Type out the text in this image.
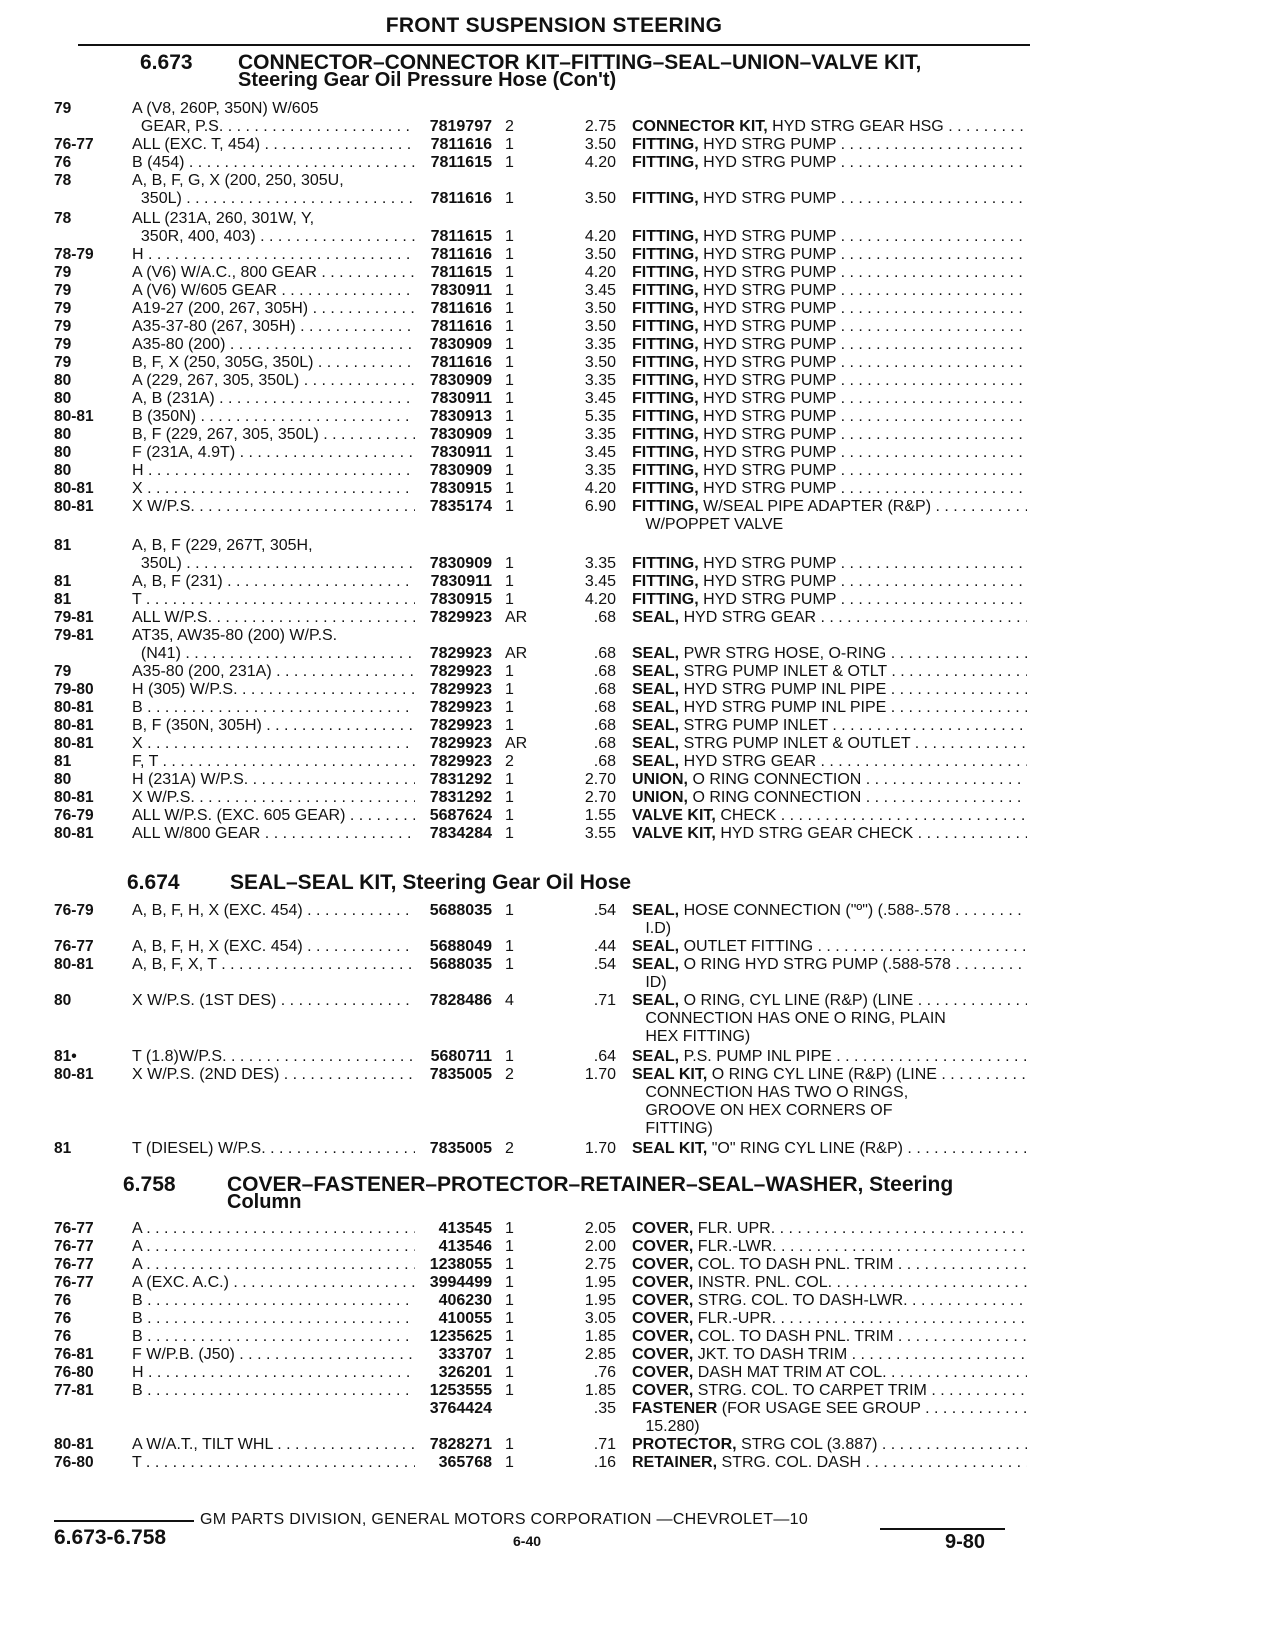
FRONT SUSPENSION STEERING
6.673 CONNECTOR–CONNECTOR KIT–FITTING–SEAL–UNION–VALVE KIT,
Steering Gear Oil Pressure Hose (Con't)
6.674 SEAL–SEAL KIT, Steering Gear Oil Hose
6.758 COVER–FASTENER–PROTECTOR–RETAINER–SEAL–WASHER, Steering
Column
79	A (V8, 260P, 350N) W/605

GEAR, P.S. . . .	7819797 2	2.75 CONNECTOR KIT, HYD STRG GEAR HSG . . .
76-77	ALL (EXC. T, 454) . . .	7811616 1	3.50 FITTING, HYD STRG PUMP . . .
76	B (454) . . .	7811615 1	4.20 FITTING, HYD STRG PUMP . . .
78	A, B, F, G, X (200, 250, 305U,

350L) . . .	7811616 1	3.50 FITTING, HYD STRG PUMP . . .
78	ALL (231A, 260, 301W, Y,

350R, 400, 403) . . .	7811615 1	4.20 FITTING, HYD STRG PUMP . . .
78-79	H . . .	7811616 1	3.50 FITTING, HYD STRG PUMP . . .
79	A (V6) W/A.C., 800 GEAR . . .	7811615 1	4.20 FITTING, HYD STRG PUMP . . .
79	A (V6) W/605 GEAR . . .	7830911 1	3.45 FITTING, HYD STRG PUMP . . .
79	A19-27 (200, 267, 305H) . . .	7811616 1	3.50 FITTING, HYD STRG PUMP . . .
79	A35-37-80 (267, 305H) . . .	7811616 1	3.50 FITTING, HYD STRG PUMP . . .
79	A35-80 (200) . . .	7830909 1	3.35 FITTING, HYD STRG PUMP . . .
79	B, F, X (250, 305G, 350L) . . .	7811616 1	3.50 FITTING, HYD STRG PUMP . . .
80	A (229, 267, 305, 350L) . . .	7830909 1	3.35 FITTING, HYD STRG PUMP . . .
80	A, B (231A) . . .	7830911 1	3.45 FITTING, HYD STRG PUMP . . .
80-81	B (350N) . . .	7830913 1	5.35 FITTING, HYD STRG PUMP . . .
80	B, F (229, 267, 305, 350L) . . .	7830909 1	3.35 FITTING, HYD STRG PUMP . . .
80	F (231A, 4.9T) . . .	7830911 1	3.45 FITTING, HYD STRG PUMP . . .
80	H . . .	7830909 1	3.35 FITTING, HYD STRG PUMP . . .
80-81	X . . .	7830915 1	4.20 FITTING, HYD STRG PUMP . . .
80-81	X W/P.S. . . .	7835174 1	6.90 FITTING, W/SEAL PIPE ADAPTER (R&P) . . .
W/POPPET VALVE
81	A, B, F (229, 267T, 305H,

350L) . . .	7830909 1	3.35 FITTING, HYD STRG PUMP . . .
81	A, B, F (231) . . .	7830911 1	3.45 FITTING, HYD STRG PUMP . . .
81	T . . .	7830915 1	4.20 FITTING, HYD STRG PUMP . . .
79-81	ALL W/P.S. . . .	7829923 AR	.68 SEAL, HYD STRG GEAR . . .
79-81	AT35, AW35-80 (200) W/P.S.

(N41) . . .	7829923 AR	.68 SEAL, PWR STRG HOSE, O-RING . . .
79	A35-80 (200, 231A) . . .	7829923 1	.68 SEAL, STRG PUMP INLET & OTLT . . .
79-80	H (305) W/P.S. . . .	7829923 1	.68 SEAL, HYD STRG PUMP INL PIPE . . .
80-81	B . . .	7829923 1	.68 SEAL, HYD STRG PUMP INL PIPE . . .
80-81	B, F (350N, 305H) . . .	7829923 1	.68 SEAL, STRG PUMP INLET . . .
80-81	X . . .	7829923 AR	.68 SEAL, STRG PUMP INLET & OUTLET . . .
81	F, T . . .	7829923 2	.68 SEAL, HYD STRG GEAR . . .
80	H (231A) W/P.S. . . .	7831292 1	2.70 UNION, O RING CONNECTION . . .
80-81	X W/P.S. . . .	7831292 1	2.70 UNION, O RING CONNECTION . . .
76-79	ALL W/P.S. (EXC. 605 GEAR) . . .	5687624 1	1.55 VALVE KIT, CHECK . . .
80-81	ALL W/800 GEAR . . .	7834284 1	3.55 VALVE KIT, HYD STRG GEAR CHECK . . .
76-79	A, B, F, H, X (EXC. 454) . . .	5688035 1	.54 SEAL, HOSE CONNECTION ("º") (.588-.578 . . .
I.D)
76-77	A, B, F, H, X (EXC. 454) . . .	5688049 1	.44 SEAL, OUTLET FITTING . . .
80-81	A, B, F, X, T . . .	5688035 1	.54 SEAL, O RING HYD STRG PUMP (.588-578 . . .
ID)
80	X W/P.S. (1ST DES) . . .	7828486 4	.71 SEAL, O RING, CYL LINE (R&P) (LINE . . .
CONNECTION HAS ONE O RING, PLAIN
HEX FITTING)
81•	T (1.8)W/P.S. . . .	5680711 1	.64 SEAL, P.S. PUMP INL PIPE . . .
80-81	X W/P.S. (2ND DES) . . .	7835005 2	1.70 SEAL KIT, O RING CYL LINE (R&P) (LINE . . .
CONNECTION HAS TWO O RINGS,
GROOVE ON HEX CORNERS OF
FITTING)
81	T (DIESEL) W/P.S. . . .	7835005 2	1.70 SEAL KIT, "O" RING CYL LINE (R&P) . . .
76-77	A . . .	413545 1	2.05 COVER, FLR. UPR. . . .
76-77	A . . .	413546 1	2.00 COVER, FLR.-LWR. . . .
76-77	A . . .	1238055 1	2.75 COVER, COL. TO DASH PNL. TRIM . . .
76-77	A (EXC. A.C.) . . .	3994499 1	1.95 COVER, INSTR. PNL. COL. . . .
76	B . . .	406230 1	1.95 COVER, STRG. COL. TO DASH-LWR. . . .
76	B . . .	410055 1	3.05 COVER, FLR.-UPR. . . .
76	B . . .	1235625 1	1.85 COVER, COL. TO DASH PNL. TRIM . . .
76-81	F W/P.B. (J50) . . .	333707 1	2.85 COVER, JKT. TO DASH TRIM . . .
76-80	H . . .	326201 1	.76 COVER, DASH MAT TRIM AT COL. . . .
77-81	B . . .	1253555 1	1.85 COVER, STRG. COL. TO CARPET TRIM . . .
3764424	.35 FASTENER (FOR USAGE SEE GROUP . . .
15.280)
80-81	A W/A.T., TILT WHL . . .	7828271 1	.71 PROTECTOR, STRG COL (3.887) . . .
76-80	T . . .	365768 1	.16 RETAINER, STRG. COL. DASH . . .
GM PARTS DIVISION, GENERAL MOTORS CORPORATION —CHEVROLET—10
6.673-6.758	6-40	9-80
